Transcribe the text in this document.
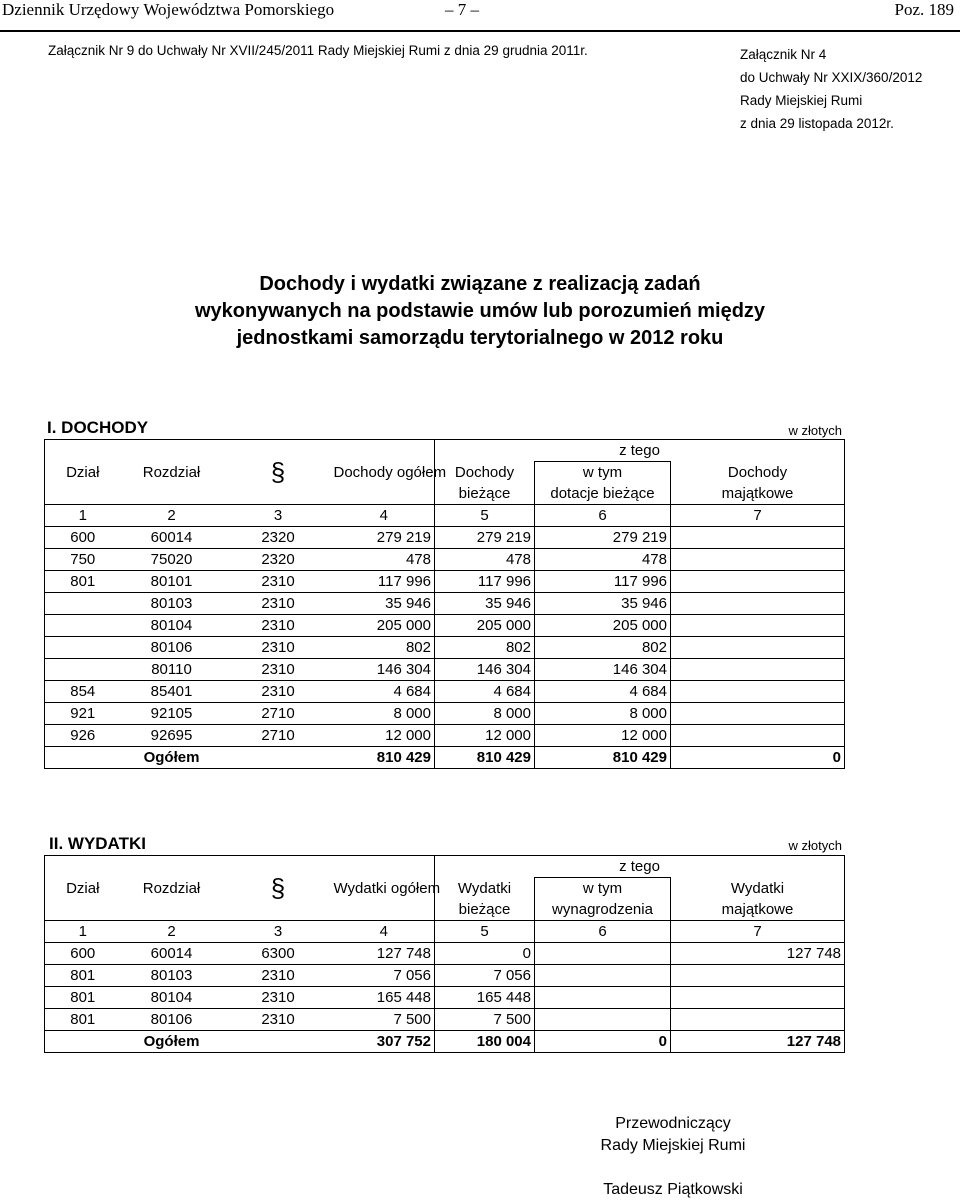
Dziennik Urzędowy Województwa Pomorskiego	– 7 –	Poz. 189
Załącznik Nr 9 do Uchwały Nr XVII/245/2011 Rady Miejskiej Rumi z dnia 29 grudnia 2011r.	Załącznik Nr 4
do Uchwały Nr XXIX/360/2012
Rady Miejskiej Rumi
z dnia 29 listopada 2012r.
Dochody i wydatki związane z realizacją zadań
wykonywanych na podstawie umów lub porozumień między
jednostkami samorządu terytorialnego w 2012 roku
I. DOCHODY	w złotych
				z tego		
Dział	Rozdział	§	Dochody ogółem	Dochody	w tym	Dochody
				bieżące	dotacje bieżące	majątkowe
1	2	3	4	5	6	7
600	60014	2320	279 219	279 219	279 219	
750	75020	2320	478	478	478	
801	80101	2310	117 996	117 996	117 996	
	80103	2310	35 946	35 946	35 946	
	80104	2310	205 000	205 000	205 000	
	80106	2310	802	802	802	
	80110	2310	146 304	146 304	146 304	
854	85401	2310	4 684	4 684	4 684	
921	92105	2710	8 000	8 000	8 000	
926	92695	2710	12 000	12 000	12 000	
	Ogółem		810 429	810 429	810 429	0
II. WYDATKI	w złotych
				z tego		
Dział	Rozdział	§	Wydatki ogółem	Wydatki	w tym	Wydatki
				bieżące	wynagrodzenia	majątkowe
1	2	3	4	5	6	7
600	60014	6300	127 748	0		127 748
801	80103	2310	7 056	7 056		
801	80104	2310	165 448	165 448		
801	80106	2310	7 500	7 500		
	Ogółem		307 752	180 004	0	127 748
Przewodniczący
Rady Miejskiej Rumi
Tadeusz Piątkowski
